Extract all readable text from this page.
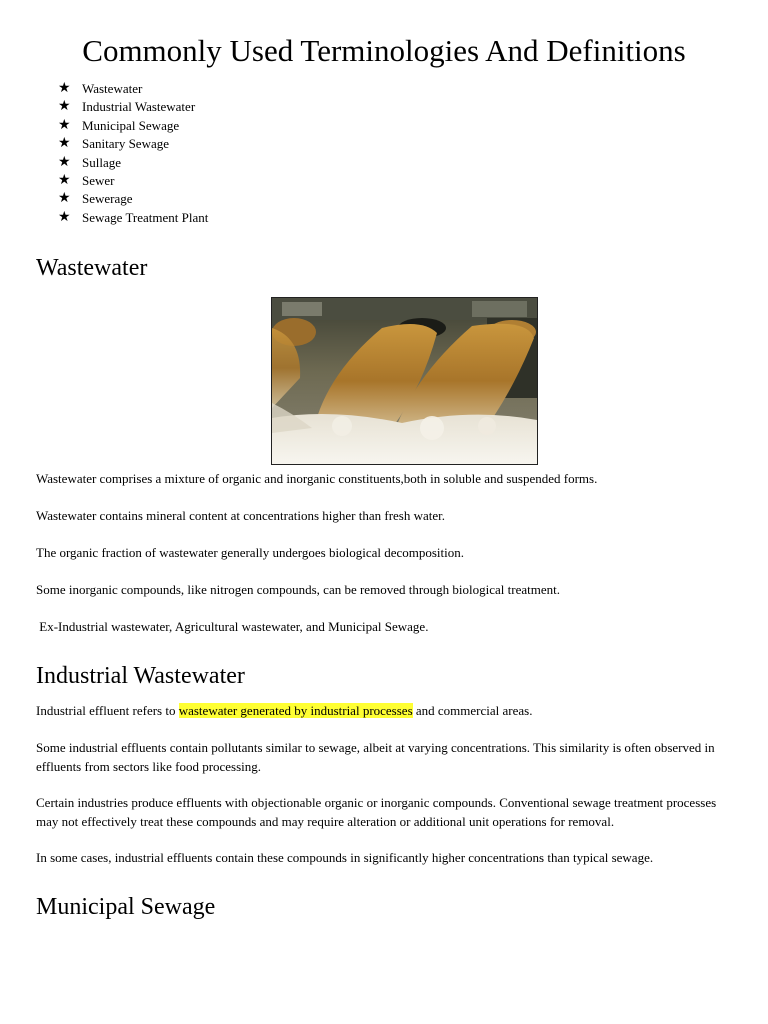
Commonly Used Terminologies And Definitions
★ Wastewater
★ Industrial Wastewater
★ Municipal Sewage
★ Sanitary Sewage
★ Sullage
★ Sewer
★ Sewerage
★ Sewage Treatment Plant
Wastewater

Wastewater comprises a mixture of organic and inorganic constituents,both in soluble and suspended forms.

Wastewater contains mineral content at concentrations higher than fresh water.

The organic fraction of wastewater generally undergoes biological decomposition.

Some inorganic compounds, like nitrogen compounds, can be removed through biological treatment.

Ex-Industrial wastewater, Agricultural wastewater, and Municipal Sewage.

Industrial Wastewater

Industrial effluent refers to wastewater generated by industrial processes and commercial areas.

Some industrial effluents contain pollutants similar to sewage, albeit at varying concentrations. This similarity is often observed in effluents from sectors like food processing.

Certain industries produce effluents with objectionable organic or inorganic compounds. Conventional sewage treatment processes may not effectively treat these compounds and may require alteration or additional unit operations for removal.

In some cases, industrial effluents contain these compounds in significantly higher concentrations than typical sewage.

Municipal Sewage
